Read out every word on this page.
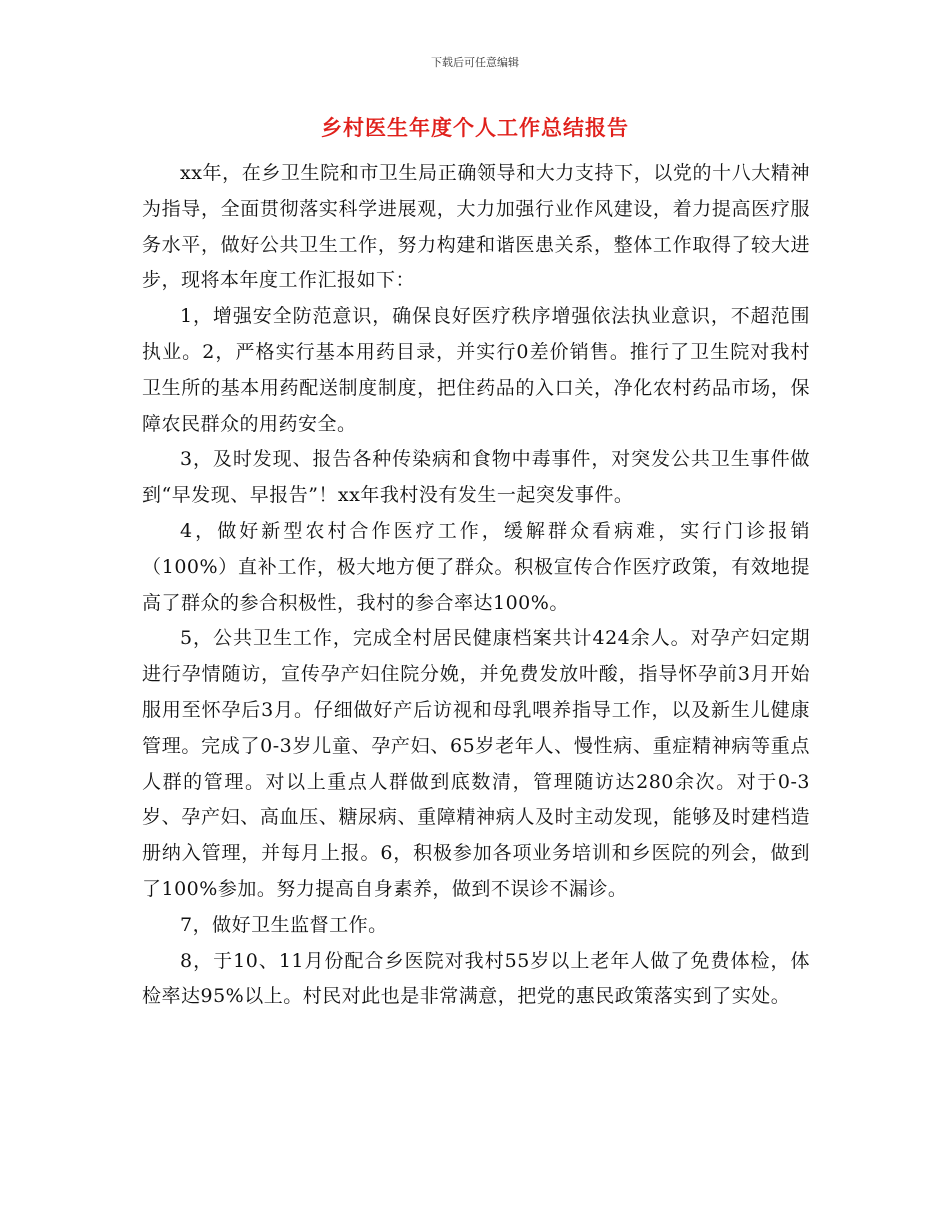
下载后可任意编辑
乡村医生年度个人工作总结报告

xx年，在乡卫生院和市卫生局正确领导和大力支持下，以党的十八大精神为指导，全面贯彻落实科学进展观，大力加强行业作风建设，着力提高医疗服务水平，做好公共卫生工作，努力构建和谐医患关系，整体工作取得了较大进步，现将本年度工作汇报如下：

1，增强安全防范意识，确保良好医疗秩序增强依法执业意识，不超范围执业。2，严格实行基本用药目录，并实行0差价销售。推行了卫生院对我村卫生所的基本用药配送制度制度，把住药品的入口关，净化农村药品市场，保障农民群众的用药安全。

3，及时发现、报告各种传染病和食物中毒事件，对突发公共卫生事件做到“早发现、早报告”！xx年我村没有发生一起突发事件。

4，做好新型农村合作医疗工作，缓解群众看病难，实行门诊报销（100%）直补工作，极大地方便了群众。积极宣传合作医疗政策，有效地提高了群众的参合积极性，我村的参合率达100%。

5，公共卫生工作，完成全村居民健康档案共计424余人。对孕产妇定期进行孕情随访，宣传孕产妇住院分娩，并免费发放叶酸，指导怀孕前3月开始服用至怀孕后3月。仔细做好产后访视和母乳喂养指导工作，以及新生儿健康管理。完成了0-3岁儿童、孕产妇、65岁老年人、慢性病、重症精神病等重点人群的管理。对以上重点人群做到底数清，管理随访达280余次。对于0-3岁、孕产妇、高血压、糖尿病、重障精神病人及时主动发现，能够及时建档造册纳入管理，并每月上报。6，积极参加各项业务培训和乡医院的列会，做到了100%参加。努力提高自身素养，做到不误诊不漏诊。

7，做好卫生监督工作。

8，于10、11月份配合乡医院对我村55岁以上老年人做了免费体检，体检率达95%以上。村民对此也是非常满意，把党的惠民政策落实到了实处。
